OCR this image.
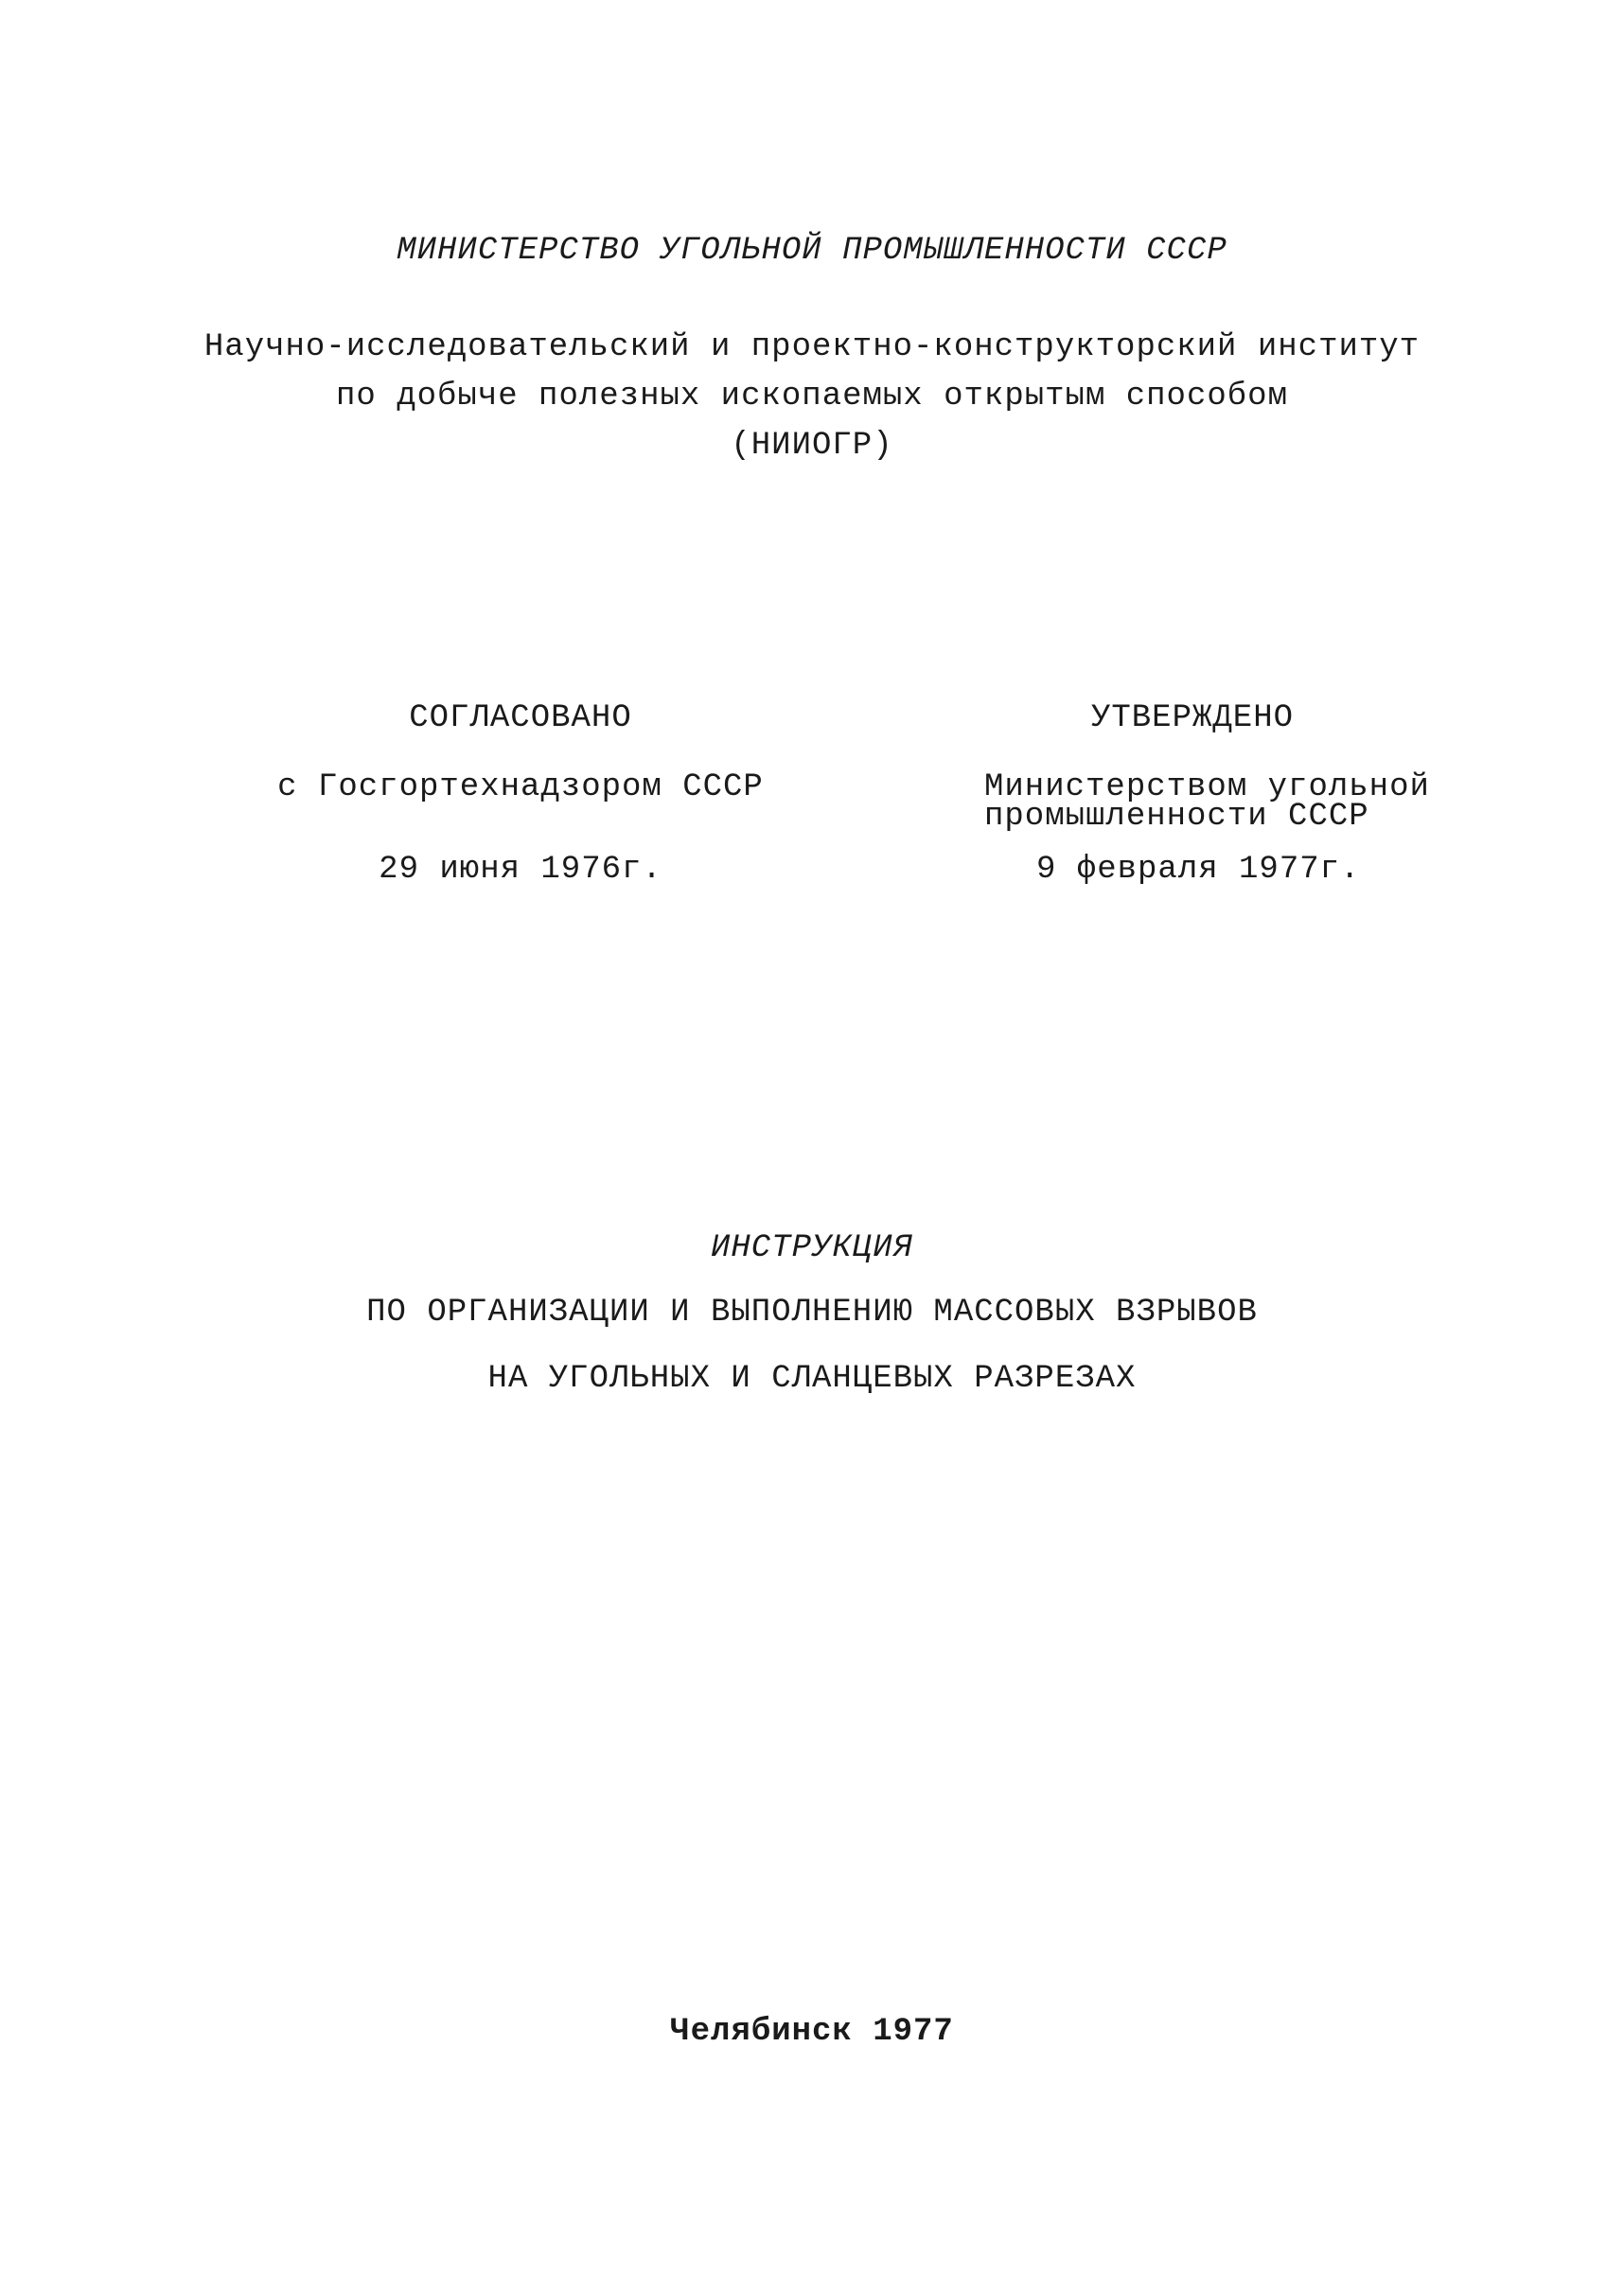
МИНИСТЕРСТВО УГОЛЬНОЙ ПРОМЫШЛЕННОСТИ СССР
Научно-исследовательский и проектно-конструкторский институт
по добыче полезных ископаемых открытым способом
(НИИОГР)
СОГЛАСОВАНО
с Госгортехнадзором СССР
29 июня 1976г.
УТВЕРЖДЕНО
Министерством угольной
промышленности СССР
9 февраля 1977г.
ИНСТРУКЦИЯ
ПО ОРГАНИЗАЦИИ И ВЫПОЛНЕНИЮ МАССОВЫХ ВЗРЫВОВ
НА УГОЛЬНЫХ И СЛАНЦЕВЫХ РАЗРЕЗАХ
Челябинск 1977
